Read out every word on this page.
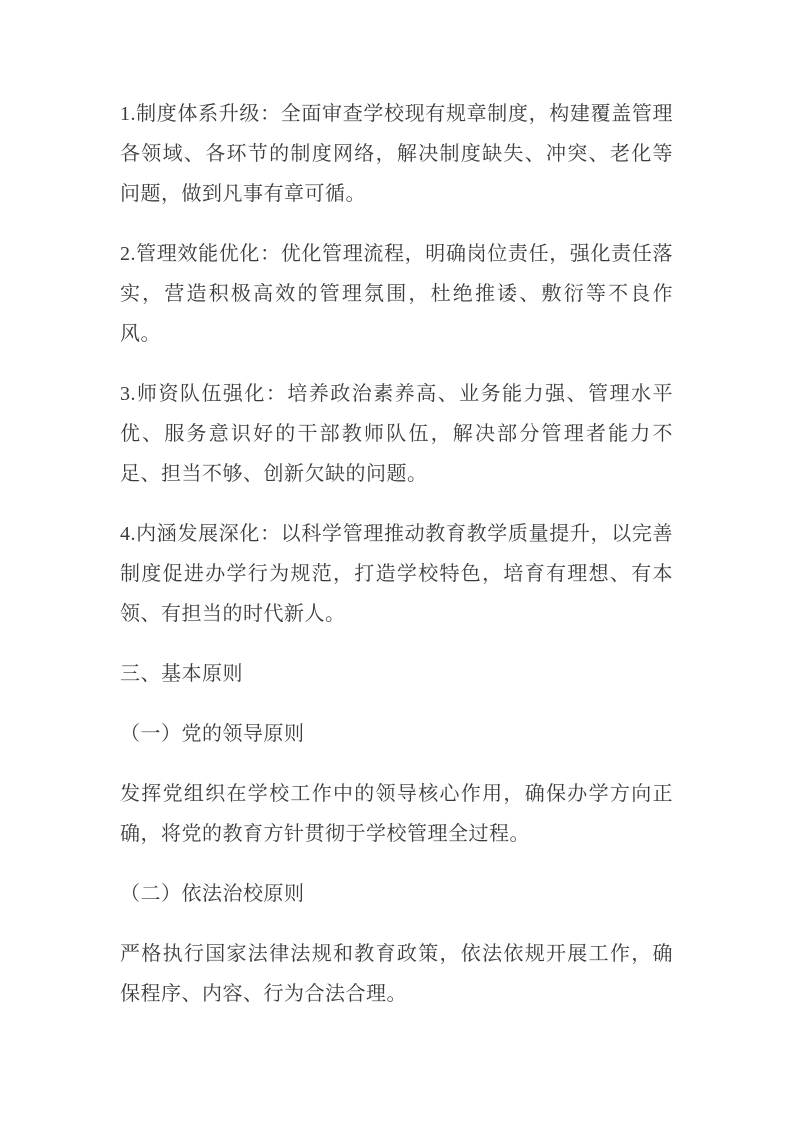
1.制度体系升级：全面审查学校现有规章制度，构建覆盖管理各领域、各环节的制度网络，解决制度缺失、冲突、老化等问题，做到凡事有章可循。

2.管理效能优化：优化管理流程，明确岗位责任，强化责任落实，营造积极高效的管理氛围，杜绝推诿、敷衍等不良作风。

3.师资队伍强化：培养政治素养高、业务能力强、管理水平优、服务意识好的干部教师队伍，解决部分管理者能力不足、担当不够、创新欠缺的问题。

4.内涵发展深化：以科学管理推动教育教学质量提升，以完善制度促进办学行为规范，打造学校特色，培育有理想、有本领、有担当的时代新人。

三、基本原则

（一）党的领导原则

发挥党组织在学校工作中的领导核心作用，确保办学方向正确，将党的教育方针贯彻于学校管理全过程。

（二）依法治校原则

严格执行国家法律法规和教育政策，依法依规开展工作，确保程序、内容、行为合法合理。
